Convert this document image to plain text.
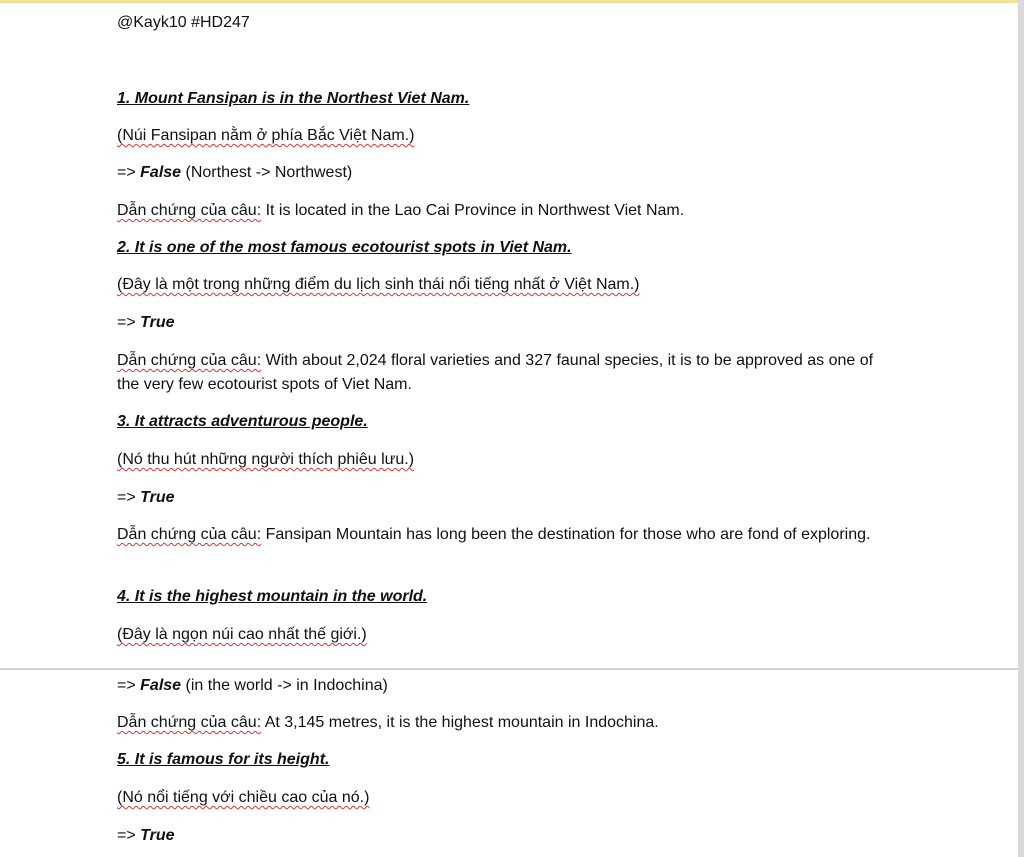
@Kayk10 #HD247
1. Mount Fansipan is in the Northest Viet Nam.
(Núi Fansipan nằm ở phía Bắc Việt Nam.)
=> False (Northest -> Northwest)
Dẫn chứng của câu: It is located in the Lao Cai Province in Northwest Viet Nam.
2. It is one of the most famous ecotourist spots in Viet Nam.
(Đây là một trong những điểm du lịch sinh thái nổi tiếng nhất ở Việt Nam.)
=> True
Dẫn chứng của câu: With about 2,024 floral varieties and 327 faunal species, it is to be approved as one of the very few ecotourist spots of Viet Nam.
3. It attracts adventurous people.
(Nó thu hút những người thích phiêu lưu.)
=> True
Dẫn chứng của câu: Fansipan Mountain has long been the destination for those who are fond of exploring.
4. It is the highest mountain in the world.
(Đây là ngọn núi cao nhất thế giới.)
=> False (in the world -> in Indochina)
Dẫn chứng của câu: At 3,145 metres, it is the highest mountain in Indochina.
5. It is famous for its height.
(Nó nổi tiếng với chiều cao của nó.)
=> True
